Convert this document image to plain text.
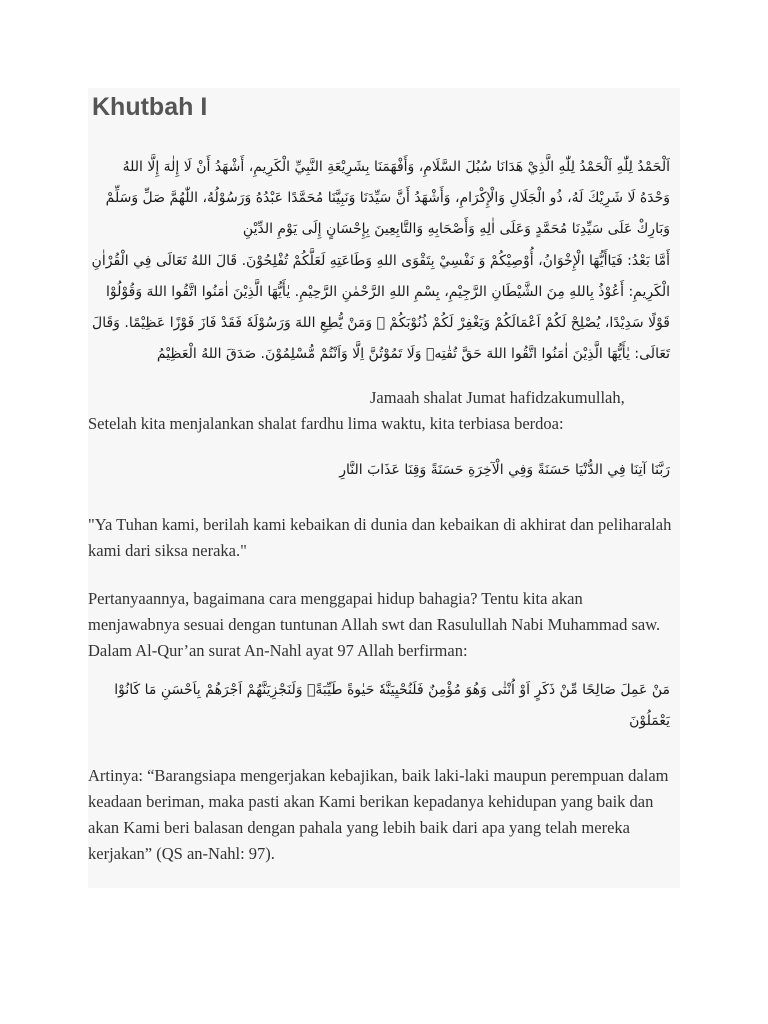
Khutbah I

اَلْحَمْدُ لِلّٰهِ اَلْحَمْدُ لِلّٰهِ الَّذِيْ هَدَانَا سُبُلَ السَّلَامِ، وَأَفْهَمَنَا بِشَرِيْعَةِ النَّبِيِّ الْكَرِيمِ، أَشْهَدُ أَنْ لَا إِلٰهَ إِلَّا اللهُ وَحْدَهُ لَا شَرِيْكَ لَهُ، ذُو الْجَلَالِ وَالْإِكْرَامِ، وَأَشْهَدُ أَنَّ سَيِّدَنَا وَنَبِيَّنَا مُحَمَّدًا عَبْدُهُ وَرَسُوْلُهُ، اللّٰهُمَّ صَلِّ وَسَلِّمْ وَبَارِكْ عَلَى سَيِّدِنَا مُحَمَّدٍ وَعَلَى اٰلِهِ وَأَصْحَابِهِ وَالتَّابِعِينَ بِإِحْسَانٍ إِلَى يَوْمِ الدِّيْنِ

أَمَّا بَعْدُ: فَيَاأَيُّهَا الْإِخْوَانُ، أُوْصِيْكُمْ وَ نَفْسِيْ بِتَقْوَى اللهِ وَطَاعَتِهِ لَعَلَّكُمْ تُفْلِحُوْنَ. قَالَ اللهُ تَعَالَى فِي الْقُرْاٰنِ الْكَرِيمِ: أَعُوْذُ بِاللهِ مِنَ الشَّيْطَانِ الرَّجِيْمِ، بِسْمِ اللهِ الرَّحْمٰنِ الرَّحِيْمِ. يٰأَيُّهَا الَّذِيْنَ اٰمَنُوا اتَّقُوا اللهَ وَقُوْلُوْا قَوْلًا سَدِيْدًا، يُصْلِحْ لَكُمْ اَعْمَالَكُمْ وَيَغْفِرْ لَكُمْ ذُنُوْبَكُمْ ۗ وَمَنْ يُّطِعِ اللهَ وَرَسُوْلَهٗ فَقَدْ فَازَ فَوْزًا عَظِيْمًا. وَقَالَ تَعَالَى: يٰأَيُّهَا الَّذِيْنَ اٰمَنُوا اتَّقُوا اللهَ حَقَّ تُقٰتِهٖ وَلَا تَمُوْتُنَّ اِلَّا وَاَنْتُمْ مُّسْلِمُوْنَ. صَدَقَ اللهُ الْعَظِيْمُ

Jamaah shalat Jumat hafidzakumullah,

Setelah kita menjalankan shalat fardhu lima waktu, kita terbiasa berdoa:

رَبَّنَا آتِنَا فِي الدُّنْيَا حَسَنَةً وَفِي الْآخِرَةِ حَسَنَةً وَقِنَا عَذَابَ النَّارِ

"Ya Tuhan kami, berilah kami kebaikan di dunia dan kebaikan di akhirat dan peliharalah kami dari siksa neraka."

Pertanyaannya, bagaimana cara menggapai hidup bahagia? Tentu kita akan menjawabnya sesuai dengan tuntunan Allah swt dan Rasulullah Nabi Muhammad saw. Dalam Al-Qur’an surat An-Nahl ayat 97 Allah berfirman:

مَنْ عَمِلَ صَالِحًا مِّنْ ذَكَرٍ اَوْ اُنْثٰى وَهُوَ مُؤْمِنٌ فَلَنُحْيِيَنَّهٗ حَيٰوةً طَيِّبَةًۚ وَلَنَجْزِيَنَّهُمْ اَجْرَهُمْ بِاَحْسَنِ مَا كَانُوْا يَعْمَلُوْنَ

Artinya: “Barangsiapa mengerjakan kebajikan, baik laki-laki maupun perempuan dalam keadaan beriman, maka pasti akan Kami berikan kepadanya kehidupan yang baik dan akan Kami beri balasan dengan pahala yang lebih baik dari apa yang telah mereka kerjakan” (QS an-Nahl: 97).
